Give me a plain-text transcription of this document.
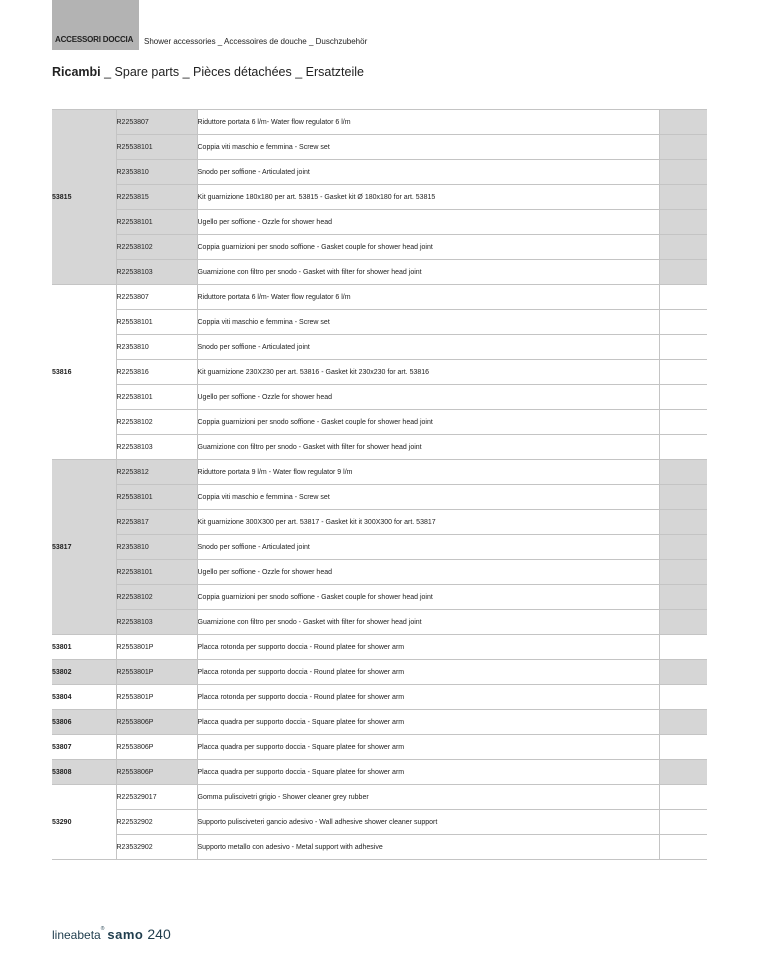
ACCESSORI DOCCIA Shower accessories _ Accessoires de douche _ Duschzubehör
Ricambi _ Spare parts _ Pièces détachées _ Ersatzteile
53815	R2253807	Riduttore portata 6 l/m- Water flow regulator 6 l/m	
	R25538101	Coppia viti maschio e femmina - Screw set	
	R2353810	Snodo per soffione - Articulated joint	
	R2253815	Kit guarnizione 180x180 per art. 53815 - Gasket kit Ø 180x180 for art. 53815	
	R22538101	Ugello per soffione - Ozzle for shower head	
	R22538102	Coppia guarnizioni per snodo soffione - Gasket couple for shower head joint	
	R22538103	Guarnizione con filtro per snodo - Gasket with filter for shower head joint	
53816	R2253807	Riduttore portata 6 l/m- Water flow regulator 6 l/m	
	R25538101	Coppia viti maschio e femmina - Screw set	
	R2353810	Snodo per soffione - Articulated joint	
	R2253816	Kit guarnizione 230X230 per art. 53816 - Gasket kit 230x230 for art. 53816	
	R22538101	Ugello per soffione - Ozzle for shower head	
	R22538102	Coppia guarnizioni per snodo soffione - Gasket couple for shower head joint	
	R22538103	Guarnizione con filtro per snodo - Gasket with filter for shower head joint	
53817	R2253812	Riduttore portata 9 l/m - Water flow regulator 9 l/m	
	R25538101	Coppia viti maschio e femmina - Screw set	
	R2253817	Kit guarnizione 300X300 per art. 53817 - Gasket kit it 300X300 for art. 53817	
	R2353810	Snodo per soffione - Articulated joint	
	R22538101	Ugello per soffione - Ozzle for shower head	
	R22538102	Coppia guarnizioni per snodo soffione - Gasket couple for shower head joint	
	R22538103	Guarnizione con filtro per snodo - Gasket with filter for shower head joint	
53801	R2553801P	Placca rotonda per supporto doccia - Round platee for shower arm	
53802	R2553801P	Placca rotonda per supporto doccia - Round platee for shower arm	
53804	R2553801P	Placca rotonda per supporto doccia - Round platee for shower arm	
53806	R2553806P	Placca quadra per supporto doccia - Square platee for shower arm	
53807	R2553806P	Placca quadra per supporto doccia - Square platee for shower arm	
53808	R2553806P	Placca quadra per supporto doccia - Square platee for shower arm	
53290	R225329017	Gomma puliscivetri grigio - Shower cleaner grey rubber	
	R22532902	Supporto pulisciveteri gancio adesivo - Wall adhesive shower cleaner support	
	R23532902	Supporto metallo con adesivo - Metal support with adhesive	
lineabeta® samo 240
